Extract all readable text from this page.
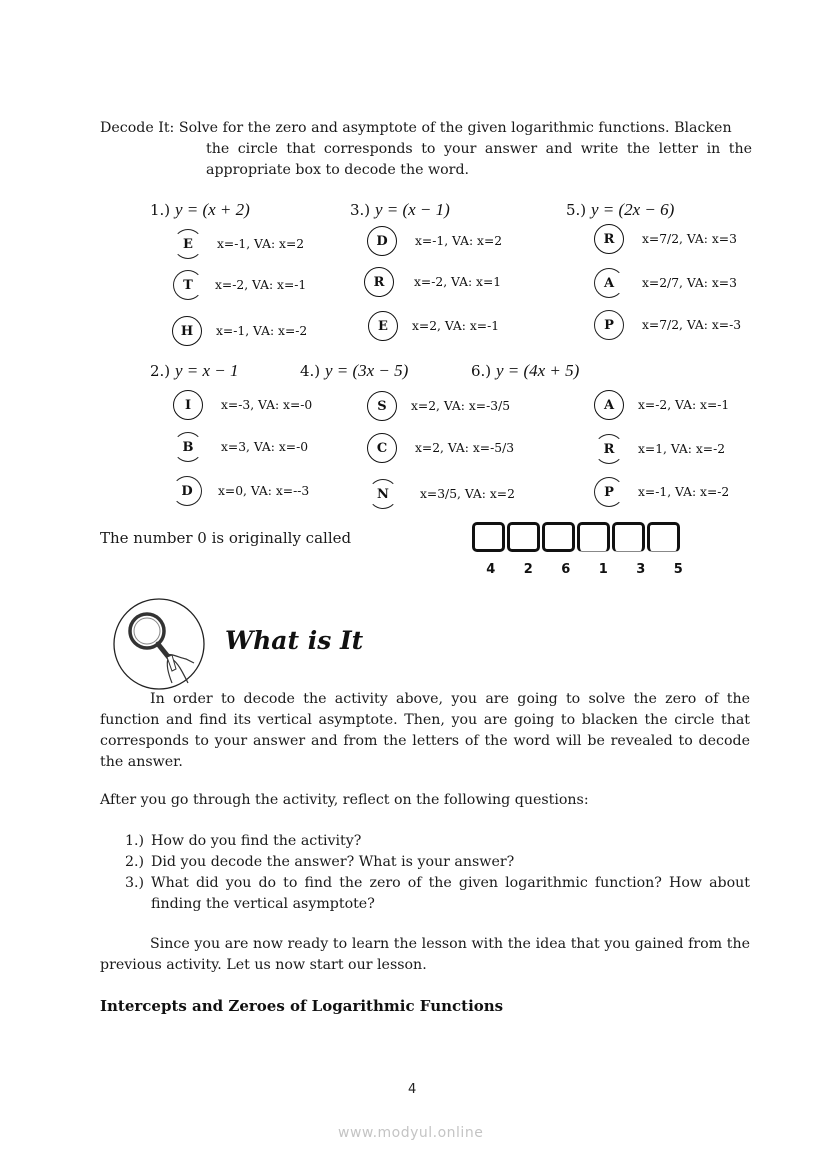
Decode It: Solve for the zero and asymptote of the given logarithmic functions. Blacken
the circle that corresponds to your answer and write the letter in the
appropriate box to decode the word.
1.) y = (x + 2)
E	x=-1, VA: x=2
T	x=-2, VA: x=-1
H	x=-1, VA: x=-2
3.) y = (x − 1)
D	x=-1, VA: x=2
R	x=-2, VA: x=1
E	x=2, VA: x=-1
5.) y = (2x − 6)
R	x=7/2, VA: x=3
A	x=2/7, VA: x=3
P	x=7/2, VA: x=-3
2.) y = x − 1
I	x=-3, VA: x=-0
B	x=3, VA: x=-0
D	x=0, VA: x=--3
4.) y = (3x − 5)
S	x=2, VA: x=-3/5
C	x=2, VA: x=-5/3
N	x=3/5, VA: x=2
6.) y = (4x + 5)
A	x=-2, VA: x=-1
R	x=1, VA: x=-2
P	x=-1, VA: x=-2
The number 0 is originally called
4	2	6	1	3	5
What is It
In order to decode the activity above, you are going to solve the zero of the function and find its vertical asymptote. Then, you are going to blacken the circle that corresponds to your answer and from the letters of the word will be revealed to decode the answer.
After you go through the activity, reflect on the following questions:
1.) How do you find the activity?
2.) Did you decode the answer? What is your answer?
3.) What did you do to find the zero of the given logarithmic function? How about finding the vertical asymptote?
Since you are now ready to learn the lesson with the idea that you gained from the previous activity. Let us now start our lesson.
Intercepts and Zeroes of Logarithmic Functions
4
www.modyul.online
